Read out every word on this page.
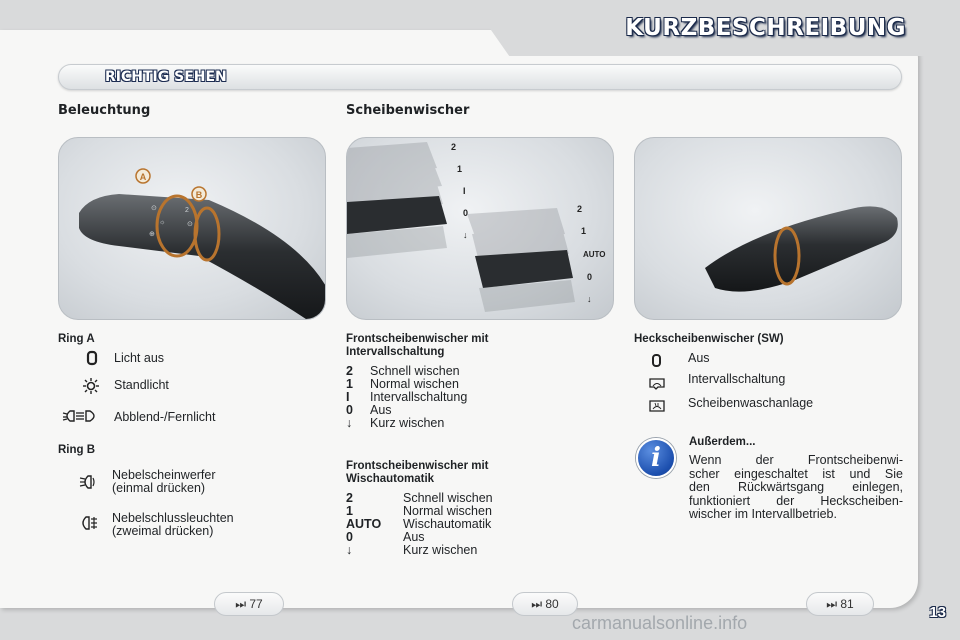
KURZBESCHREIBUNG
RICHTIG SEHEN
Beleuchtung	Scheibenwischer
A
B
⊙
☼
⊕
2
⊙
2
1
I
0
↓
2
1
AUTO
0
↓
Ring A
Licht aus
Standlicht
Abblend-/Fernlicht
Ring B
Nebelscheinwerfer
(einmal drücken)
Nebelschlussleuchten
(zweimal drücken)
Frontscheibenwischer mit
Intervallschaltung
2 Schnell wischen
1 Normal wischen
I Intervallschaltung
0 Aus
↓ Kurz wischen
Frontscheibenwischer mit
Wischautomatik
2	Schnell wischen
1	Normal wischen
AUTO Wischautomatik
0	Aus
↓	Kurz wischen
Heckscheibenwischer (SW)
Aus
Intervallschaltung
Scheibenwaschanlage
i
Außerdem...
Wenn der Frontscheibenwi-
scher eingeschaltet ist und Sie
den Rückwärtsgang einlegen,
funktioniert der Heckscheiben-
wischer im Intervallbetrieb.
⏭ 77	⏭ 80	⏭ 81
carmanualsonline.info
13
